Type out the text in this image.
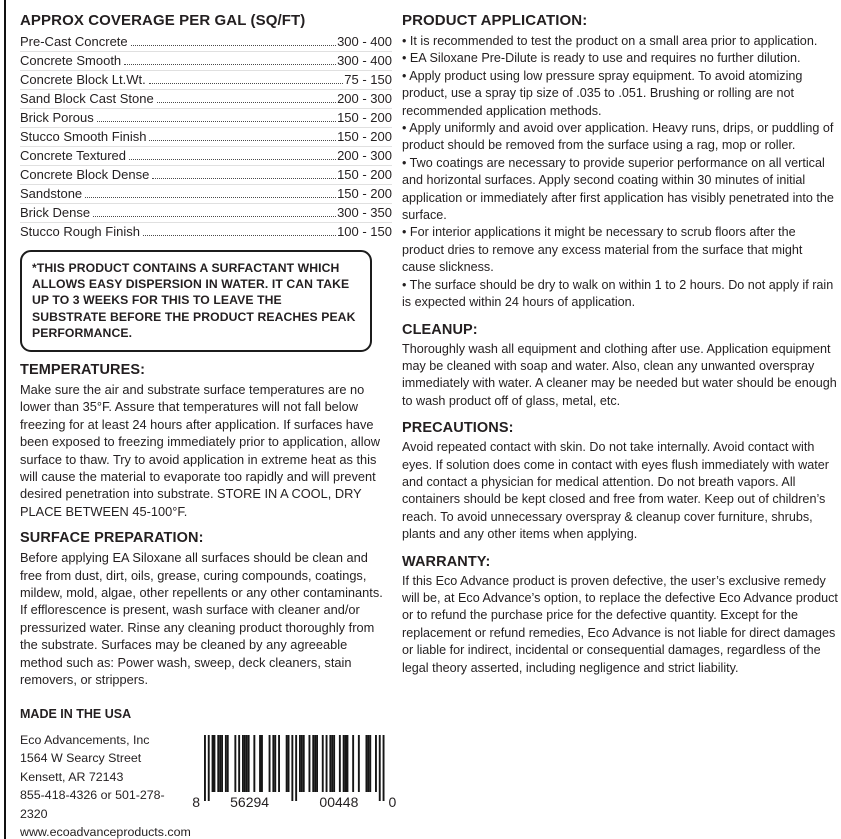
APPROX COVERAGE PER GAL (SQ/FT)
Pre-Cast Concrete	300 - 400
Concrete Smooth	300 - 400
Concrete Block Lt.Wt.	75 - 150
Sand Block Cast Stone	200 - 300
Brick Porous	150 - 200
Stucco Smooth Finish	150 - 200
Concrete Textured	200 - 300
Concrete Block Dense	150 - 200
Sandstone	150 - 200
Brick Dense	300 - 350
Stucco Rough Finish	100 - 150

*THIS PRODUCT CONTAINS A SURFACTANT WHICH ALLOWS EASY DISPERSION IN WATER. IT CAN TAKE UP TO 3 WEEKS FOR THIS TO LEAVE THE SUBSTRATE BEFORE THE PRODUCT REACHES PEAK PERFORMANCE.

TEMPERATURES:

Make sure the air and substrate surface temperatures are no lower than 35°F. Assure that temperatures will not fall below freezing for at least 24 hours after application. If surfaces have been exposed to freezing immediately prior to application, allow surface to thaw. Try to avoid application in extreme heat as this will cause the material to evaporate too rapidly and will prevent desired penetration into substrate. STORE IN A COOL, DRY PLACE BETWEEN 45-100°F.

SURFACE PREPARATION:

Before applying EA Siloxane all surfaces should be clean and free from dust, dirt, oils, grease, curing compounds, coatings, mildew, mold, algae, other repellents or any other contaminants. If efflorescence is present, wash surface with cleaner and/or pressurized water. Rinse any cleaning product thoroughly from the substrate. Surfaces may be cleaned by any agreeable method such as: Power wash, sweep, deck cleaners, stain removers, or strippers.

MADE IN THE USA

Eco Advancements, Inc

1564 W Searcy Street

Kensett, AR 72143

855-418-4326 or 501-278-2320

www.ecoadvanceproducts.com

8 56294	00448 0
PRODUCT APPLICATION:

• It is recommended to test the product on a small area prior to application.

• EA Siloxane Pre-Dilute is ready to use and requires no further dilution.

• Apply product using low pressure spray equipment. To avoid atomizing product, use a spray tip size of .035 to .051. Brushing or rolling are not recommended application methods.

• Apply uniformly and avoid over application. Heavy runs, drips, or puddling of product should be removed from the surface using a rag, mop or roller.

• Two coatings are necessary to provide superior performance on all vertical and horizontal surfaces. Apply second coating within 30 minutes of initial application or immediately after first application has visibly penetrated into the surface.

• For interior applications it might be necessary to scrub floors after the product dries to remove any excess material from the surface that might cause slickness.

• The surface should be dry to walk on within 1 to 2 hours. Do not apply if rain is expected within 24 hours of application.

CLEANUP:

Thoroughly wash all equipment and clothing after use. Application equipment may be cleaned with soap and water. Also, clean any unwanted overspray immediately with water. A cleaner may be needed but water should be enough to wash product off of glass, metal, etc.

PRECAUTIONS:

Avoid repeated contact with skin. Do not take internally. Avoid contact with eyes. If solution does come in contact with eyes flush immediately with water and contact a physician for medical attention. Do not breath vapors. All containers should be kept closed and free from water. Keep out of children’s reach. To avoid unnecessary overspray & cleanup cover furniture, shrubs, plants and any other items when applying.

WARRANTY:

If this Eco Advance product is proven defective, the user’s exclusive remedy will be, at Eco Advance’s option, to replace the defective Eco Advance product or to refund the purchase price for the defective quantity. Except for the replacement or refund remedies, Eco Advance is not liable for direct damages or liable for indirect, incidental or consequential damages, regardless of the legal theory asserted, including negligence and strict liability.
